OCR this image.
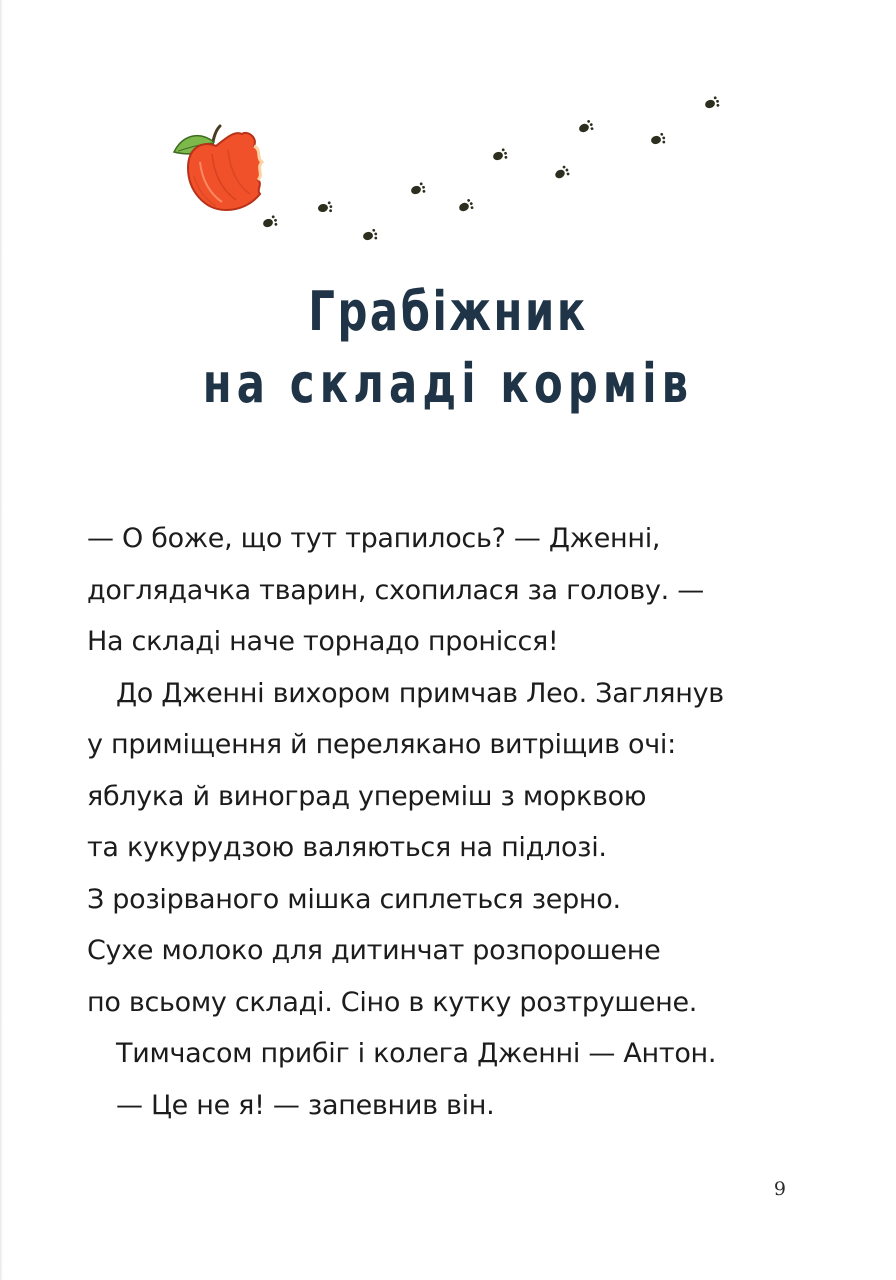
Грабіжник
на складі кормів
— О боже, що тут трапилось? — Дженні,
доглядачка тварин, схопилася за голову. —
На складі наче торнадо пронісся!
До Дженні вихором примчав Лео. Заглянув
у приміщення й перелякано витріщив очі:
яблука й виноград упереміш з морквою
та кукурудзою валяються на підлозі.
З розірваного мішка сиплеться зерно.
Сухе молоко для дитинчат розпорошене
по всьому складі. Сіно в кутку розтрушене.
Тимчасом прибіг і колега Дженні — Антон.
— Це не я! — запевнив він.
9
